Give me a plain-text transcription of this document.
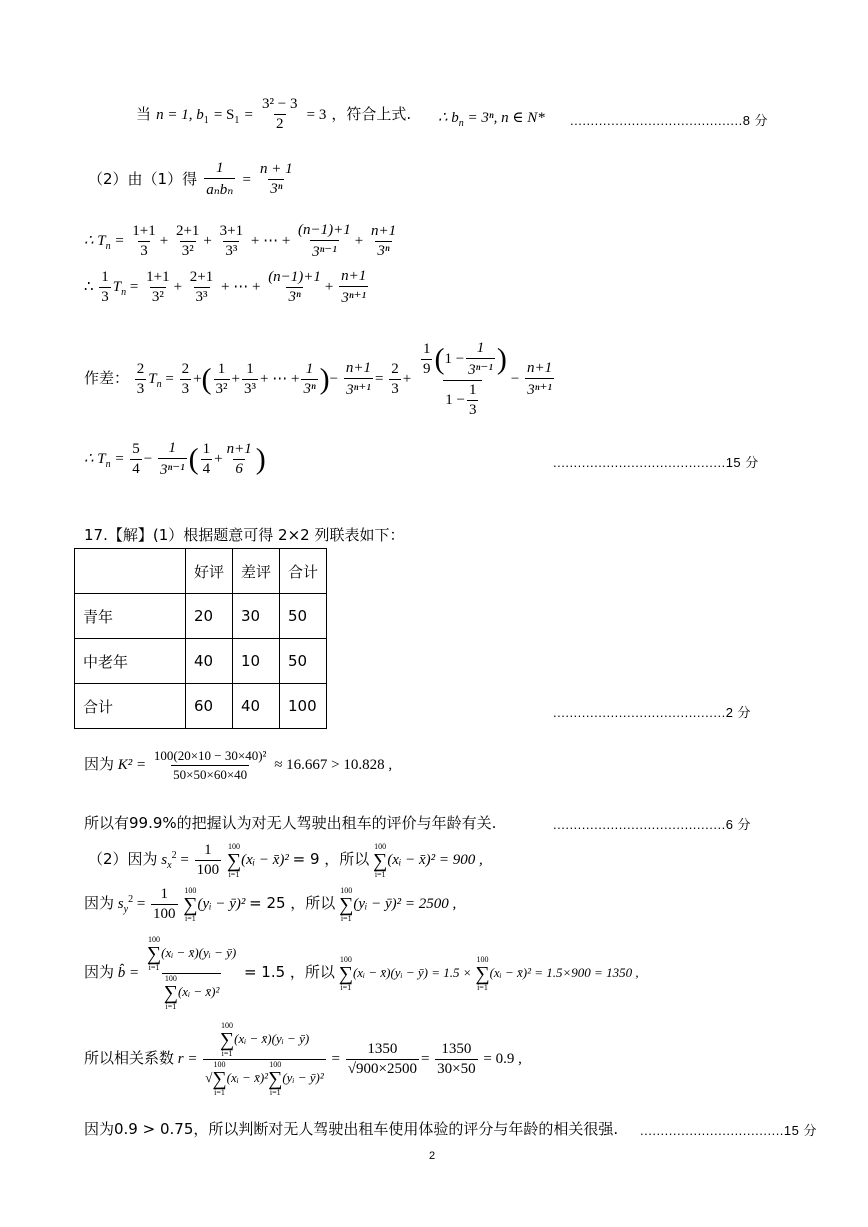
当 n = 1, $b_1 = S_1 = \frac{\text{3² − 3}}{2} = 3$ ，符合上式. ∴ $b_n = 3^n$, n ∈ N* ..........................................8 分
（2）由（1）得 $\frac{1}{\text{aₙbₙ}} = \frac{n + 1}{\text{3ⁿ}}$
∴ $T_n = \frac{1+1}{3} + \frac{2+1}{\text{3²}} + \frac{3+1}{\text{3³}}$ + ⋯ + $\frac{(n-1)+1}{\text{3ⁿ⁻¹}} + \frac{n+1}{\text{3ⁿ}}$
∴ $\frac{1}{3} T_n = \frac{1+1}{\text{3²}} + \frac{2+1}{\text{3³}}$ + ⋯ + $\frac{(n-1)+1}{\text{3ⁿ}} + \frac{n+1}{\text{3ⁿ⁺¹}}$
作差： $\frac{2}{3} T_n = \frac{2}{3}$ +( $\frac{1}{\text{3²}} + \frac{1}{\text{3³}}$ + ⋯ + $\frac{1}{\text{3ⁿ}}$ )− $\frac{n+1}{\text{3ⁿ⁺¹}} = \frac{2}{3} + \frac{\frac{1}{9} (1 - \frac{1}{\text{3ⁿ⁻¹}} )}{1 - \frac{1}{3}} - \frac{n+1}{\text{3ⁿ⁺¹}}$
∴ $T_n = \frac{5}{4} - \frac{1}{\text{3ⁿ⁻¹}}$ ( $\frac{1}{4} + \frac{n+1}{6}$ )	..........................................15 分
17.【解】(1）根据题意可得 2×2 列联表如下：
	好评	差评	合计
青年	20	30	50
中老年	40	10	50
合计	60	40	100	..........................................2 分
因为 $K^2 = \frac{\text{100(20×10 − 30×40)²}}{50\times 50\times 60\times 40} \approx 16.667 > 10.828$ ,
所以有99.9%的把握认为对无人驾驶出租车的评价与年龄有关.	..........................................6 分
（2）因为 $s_x^2 = \frac{1}{100}$
100
∑
i=1
(xᵢ − x̄)² = 9 ，所以
100
∑
i=1
(xᵢ − x̄)² = 900 ,
因为 $s_y^2 = \frac{1}{100}$
100
∑
i=1
(yᵢ − ȳ)² = 25 ，所以
100
∑
i=1
(yᵢ − ȳ)² = 2500 ,
因为 b̂ = 100
∑
i=1
(xᵢ − x̄)(yᵢ − ȳ)
100
∑
i=1
(xᵢ − x̄)² = 1.5 ，所以
100
∑
i=1
(xᵢ − x̄)(yᵢ − ȳ) = 1.5 ×
100
∑
i=1
(xᵢ − x̄)² = 1.5×900 = 1350 ,
所以相关系数 r = 100
∑
i=1
(xᵢ − x̄)(yᵢ − ȳ)
√
100
∑
i=1
(xᵢ − x̄)²
100
∑
i=1
(yᵢ − ȳ)² = $\frac{1350}{√900\times 2500} = \frac{1350}{30\times 50} = 0.9$ ,
因为0.9 > 0.75，所以判断对无人驾驶出租车使用体验的评分与年龄的相关很强. ...................................15 分
2
